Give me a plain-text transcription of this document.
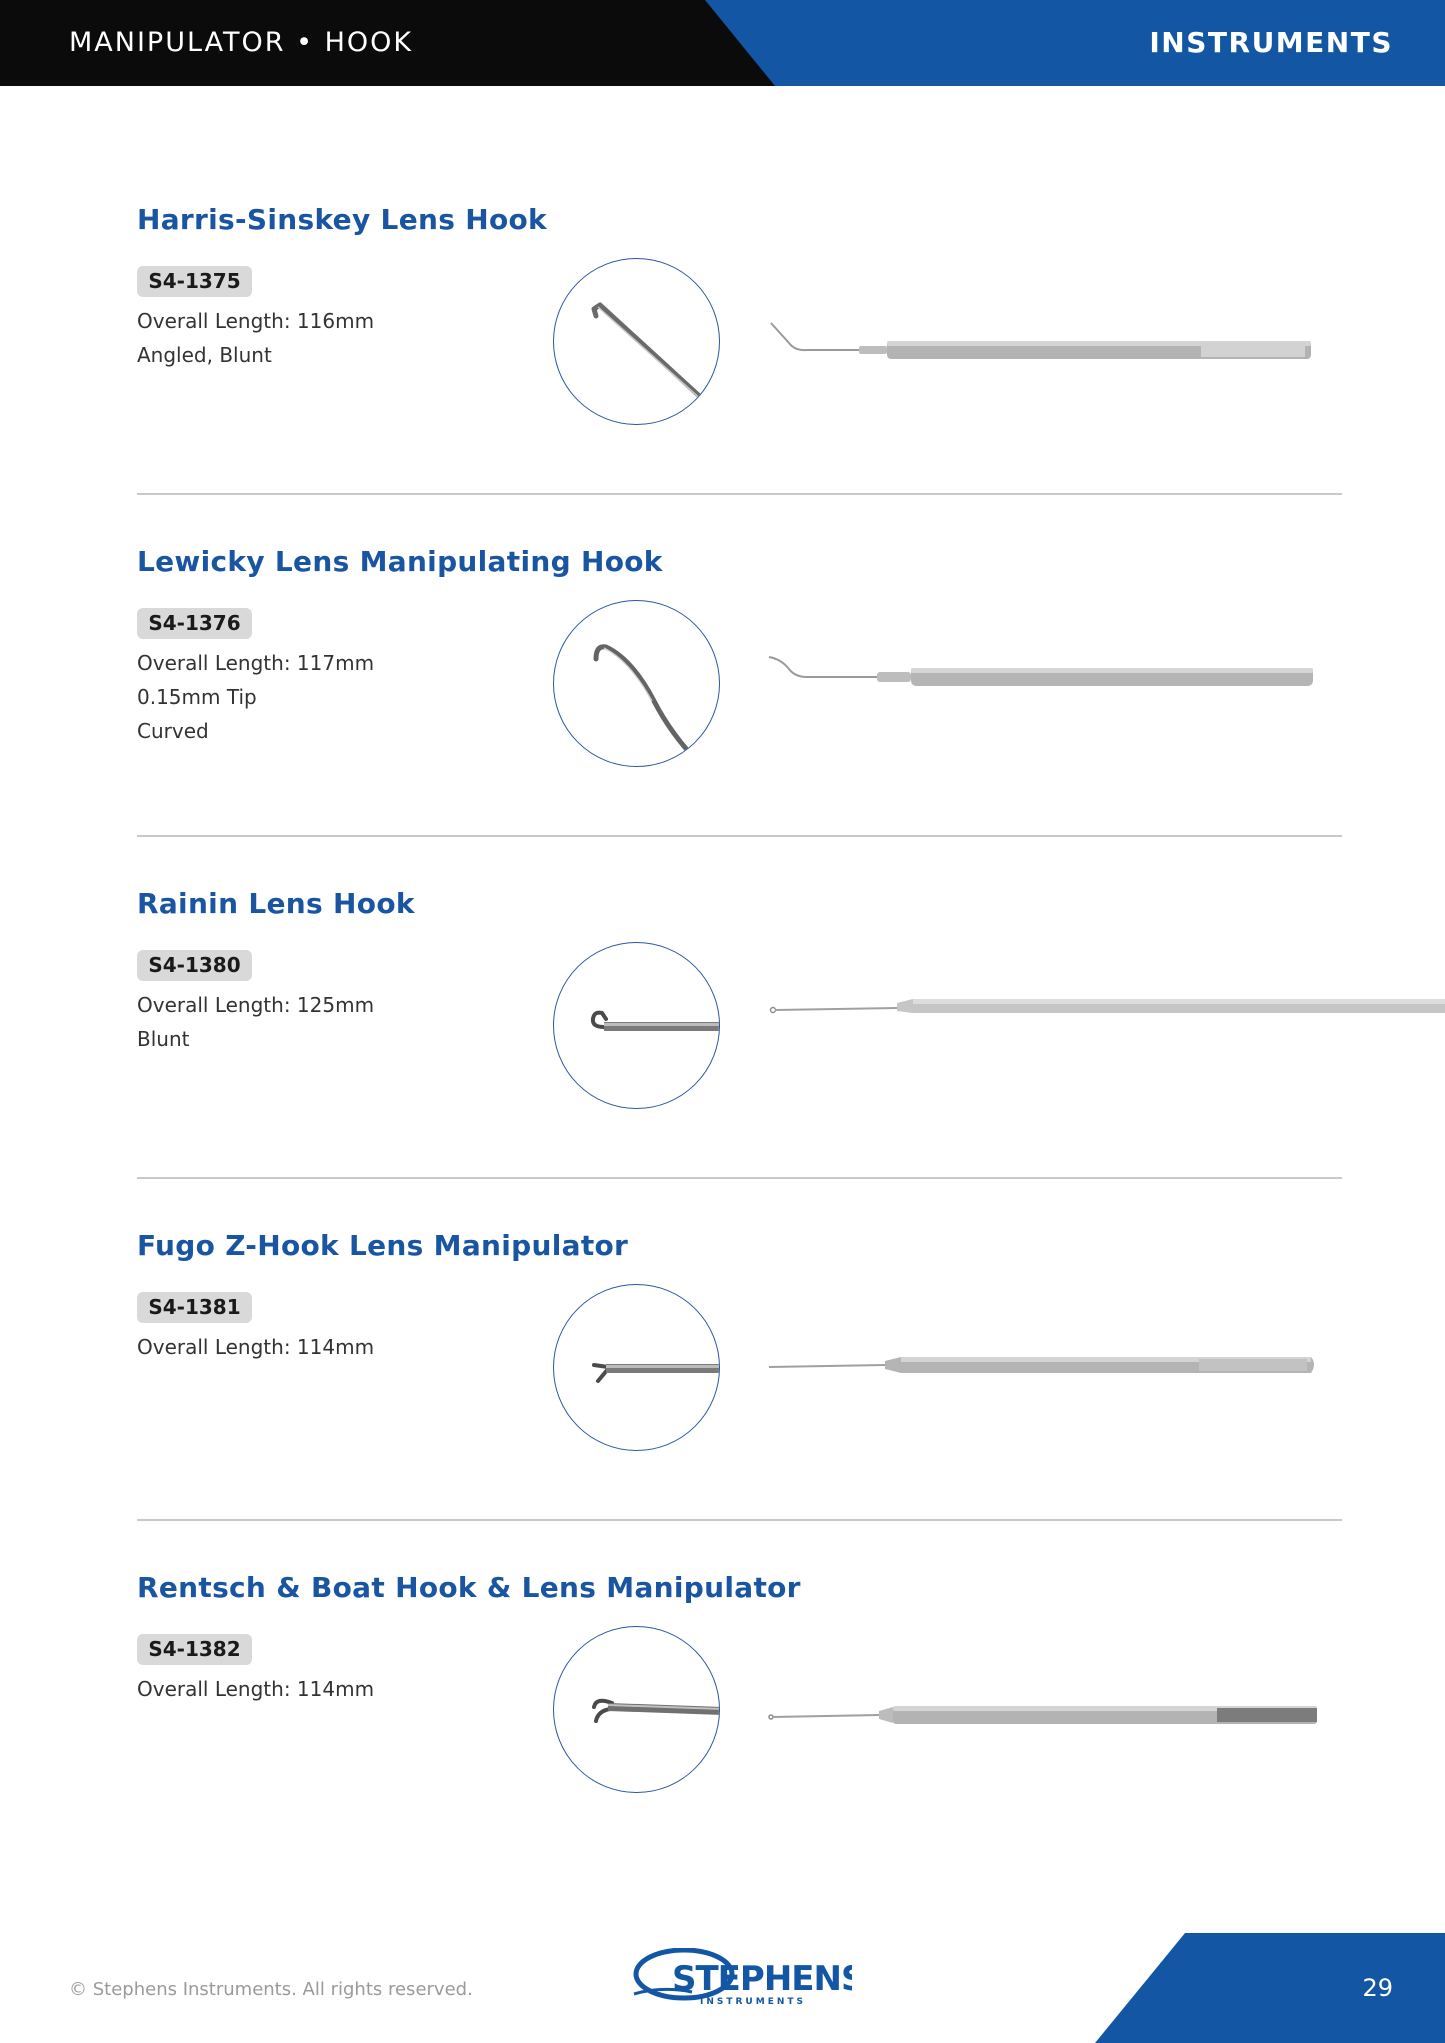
MANIPULATOR • HOOK	INSTRUMENTS
Harris-Sinskey Lens Hook
S4-1375
Overall Length: 116mm
Angled, Blunt
Lewicky Lens Manipulating Hook
S4-1376
Overall Length: 117mm
0.15mm Tip
Curved
Rainin Lens Hook
S4-1380
Overall Length: 125mm
Blunt
Fugo Z-Hook Lens Manipulator
S4-1381
Overall Length: 114mm
Rentsch & Boat Hook & Lens Manipulator
S4-1382
Overall Length: 114mm
© Stephens Instruments. All rights reserved.	STEPHENS
INSTRUMENTS	29
